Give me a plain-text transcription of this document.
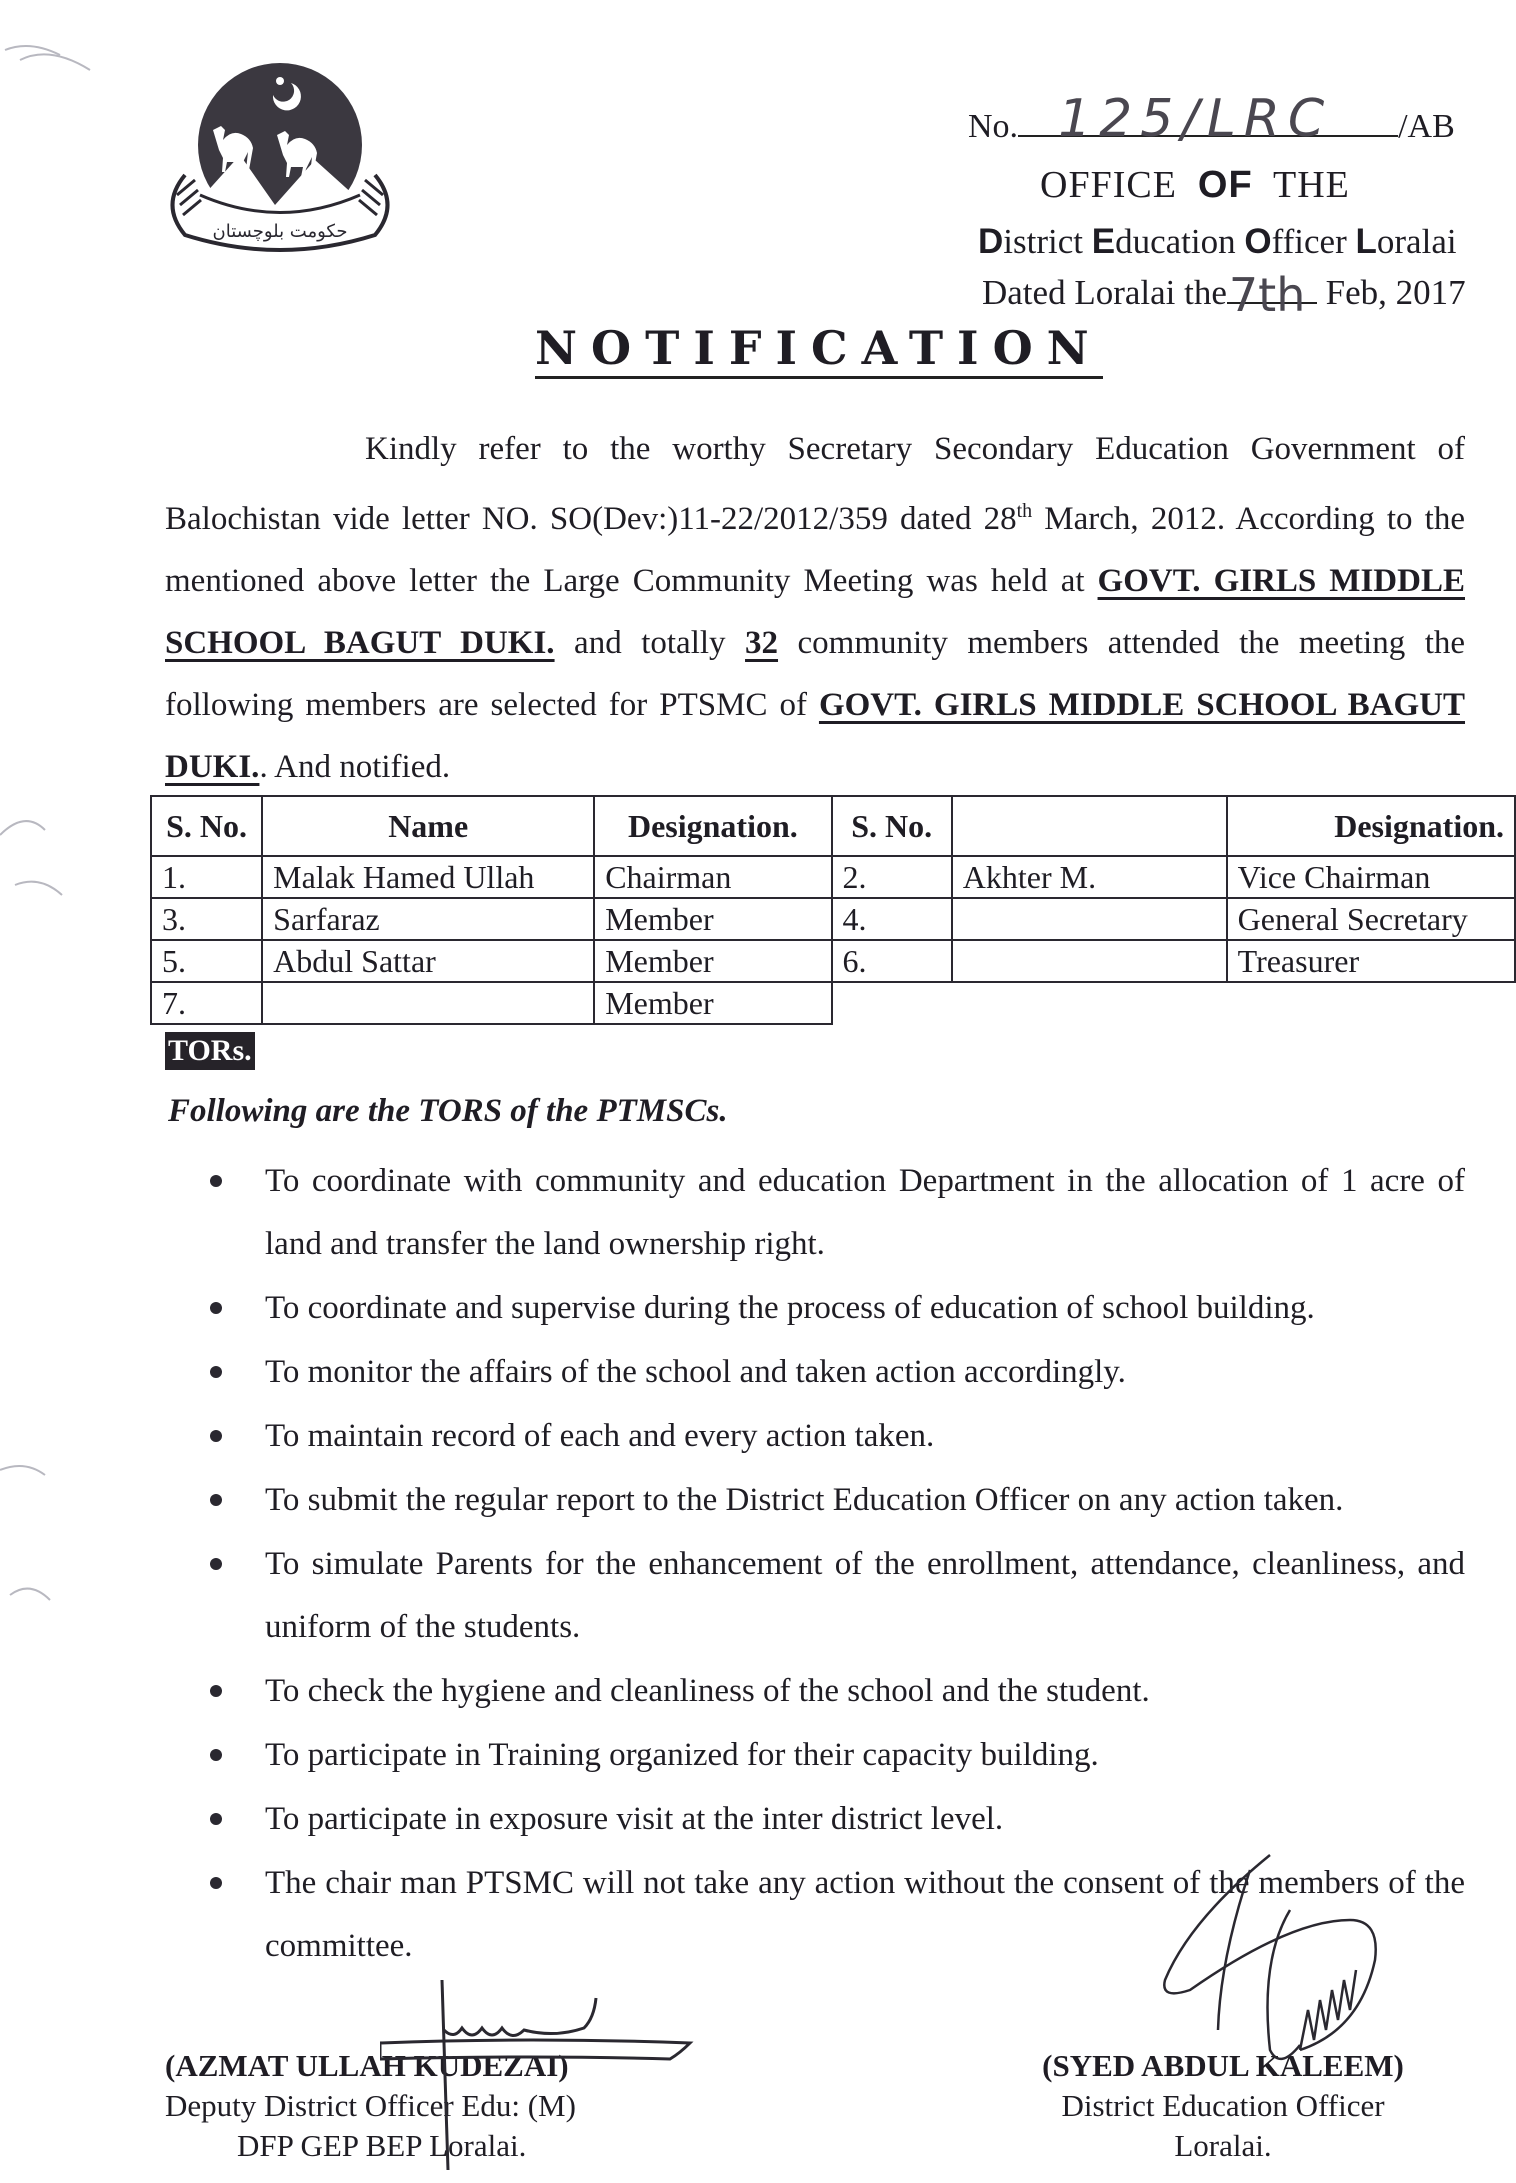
حکومت بلوچستان
No. 125/LRC /AB
OFFICE OF THE
District Education Officer Loralai
Dated Loralai the 7th Feb, 2017
NOTIFICATION
Kindly refer to the worthy Secretary Secondary Education Government of Balochistan vide letter NO. SO(Dev:)11-22/2012/359 dated 28th March, 2012. According to the mentioned above letter the Large Community Meeting was held at GOVT. GIRLS MIDDLE SCHOOL BAGUT DUKI. and totally 32 community members attended the meeting the following members are selected for PTSMC of GOVT. GIRLS MIDDLE SCHOOL BAGUT DUKI.. And notified.
S. No.	Name	Designation.	S. No.		Designation.
1.	Malak Hamed Ullah	Chairman	2.	Akhter M.	Vice Chairman
3.	Sarfaraz	Member	4.		General Secretary
5.	Abdul Sattar	Member	6.		Treasurer
7.		Member			
TORs.
Following are the TORS of the PTMSCs.
To coordinate with community and education Department in the allocation of 1 acre of land and transfer the land ownership right.
To coordinate and supervise during the process of education of school building.
To monitor the affairs of the school and taken action accordingly.
To maintain record of each and every action taken.
To submit the regular report to the District Education Officer on any action taken.
To simulate Parents for the enhancement of the enrollment, attendance, cleanliness, and uniform of the students.
To check the hygiene and cleanliness of the school and the student.
To participate in Training organized for their capacity building.
To participate in exposure visit at the inter district level.
The chair man PTSMC will not take any action without the consent of the members of the committee.
(AZMAT ULLAH KUDEZAI)
Deputy District Officer Edu: (M)
DFP GEP BEP Loralai.
(SYED ABDUL KALEEM)
District Education Officer
Loralai.
